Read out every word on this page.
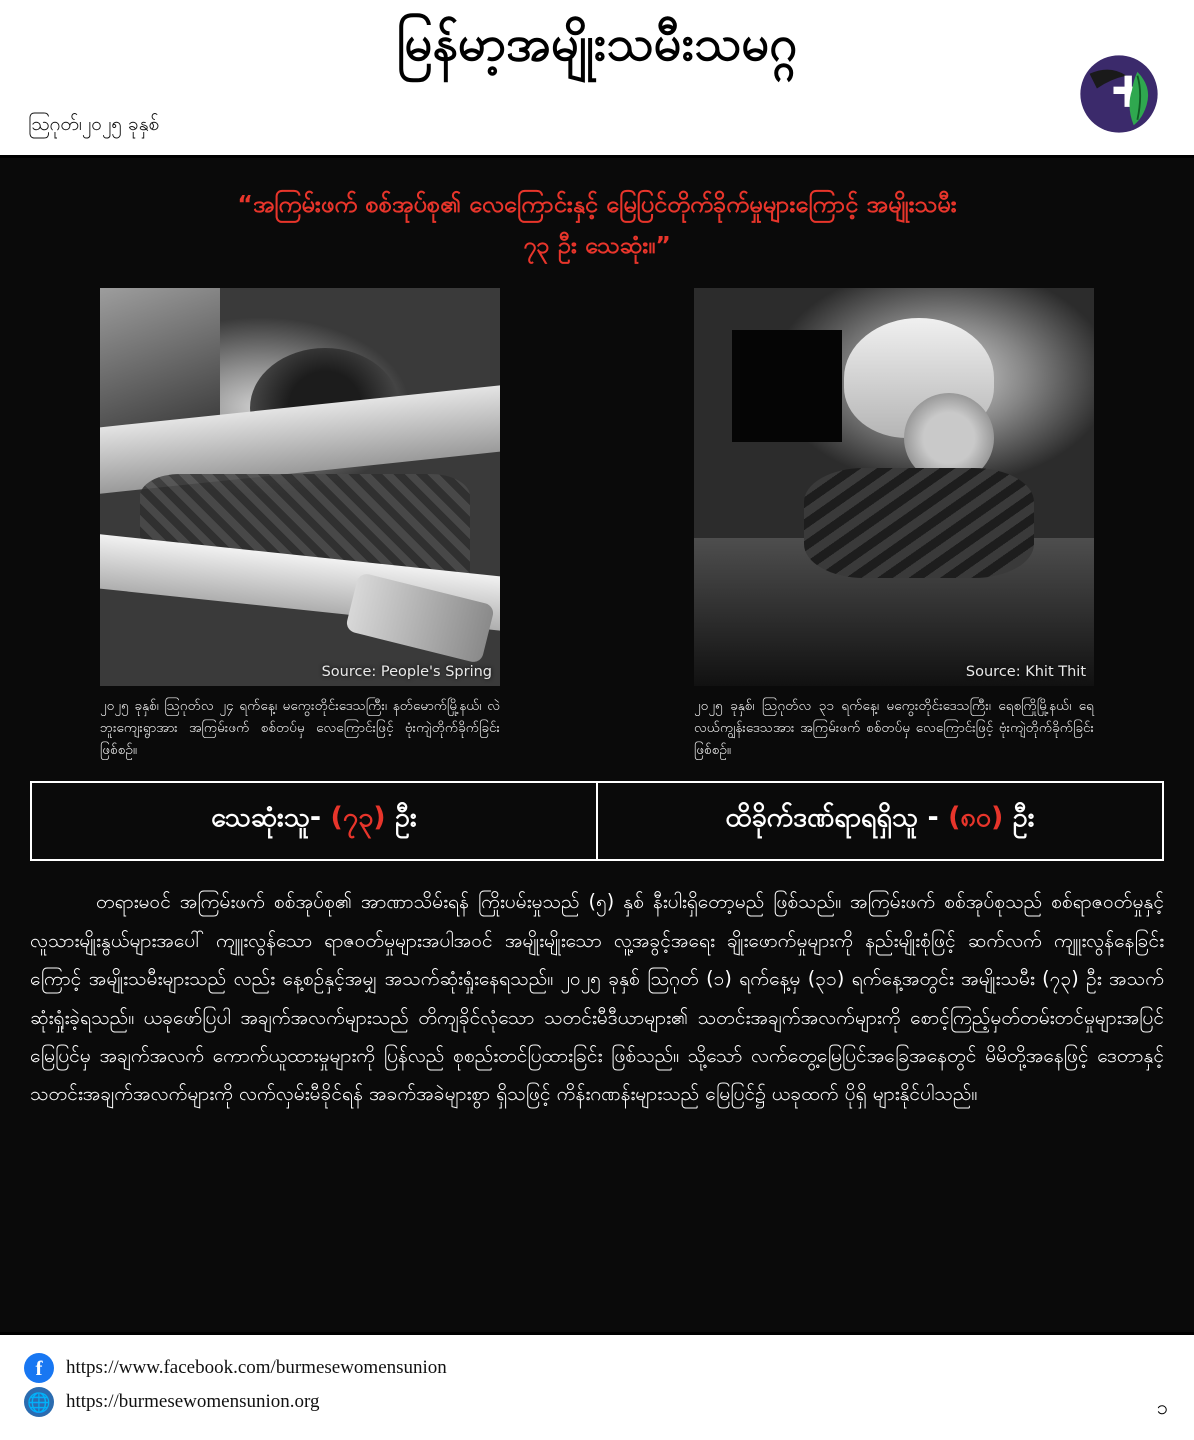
မြန်မာ့အမျိုးသမီးသမဂ္ဂ
သြဂုတ်၊၂၀၂၅ ခုနှစ်
“အကြမ်းဖက် စစ်အုပ်စု၏ လေကြောင်းနှင့် မြေပြင်တိုက်ခိုက်မှုများကြောင့် အမျိုးသမီး
၇၃ ဦး သေဆုံး။”
Source: People's Spring
၂၀၂၅ ခုနှစ်၊ သြဂုတ်လ ၂၄ ရက်နေ့၊ မကွေးတိုင်းဒေသကြီး၊ နတ်မောက်မြို့နယ်၊ လဲဘူးကျေးရွာအား အကြမ်းဖက် စစ်တပ်မှ လေကြောင်းဖြင့် ဗုံးကျဲတိုက်ခိုက်ခြင်း ဖြစ်စဉ်။
Source: Khit Thit
၂၀၂၅ ခုနှစ်၊ သြဂုတ်လ ၃၁ ရက်နေ့၊ မကွေးတိုင်းဒေသကြီး၊ ရေစကြိုမြို့နယ်၊ ရေလယ်ကျွန်းဒေသအား အကြမ်းဖက် စစ်တပ်မှ လေကြောင်းဖြင့် ဗုံးကျဲတိုက်ခိုက်ခြင်း ဖြစ်စဉ်။
သေဆုံးသူ- (၇၃) ဦး	ထိခိုက်ဒဏ်ရာရရှိသူ - (၈၀) ဦး

တရားမဝင် အကြမ်းဖက် စစ်အုပ်စု၏ အာဏာသိမ်းရန် ကြိုးပမ်းမှုသည် (၅) နှစ် နီးပါးရှိတော့မည် ဖြစ်သည်။ အကြမ်းဖက် စစ်အုပ်စုသည် စစ်ရာဇဝတ်မှုနှင့် လူသားမျိုးနွယ်များအပေါ် ကျူးလွန်သော ရာဇဝတ်မှုများအပါအဝင် အမျိုးမျိုးသော လူ့အခွင့်အရေး ချိုးဖောက်မှုများကို နည်းမျိုးစုံဖြင့် ဆက်လက် ကျူးလွန်နေခြင်းကြောင့် အမျိုးသမီးများသည် လည်း နေ့စဉ်နှင့်အမျှ အသက်ဆုံးရှုံးနေရသည်။ ၂၀၂၅ ခုနှစ် သြဂုတ် (၁) ရက်နေ့မှ (၃၁) ရက်နေ့အတွင်း အမျိုးသမီး (၇၃) ဦး အသက်ဆုံးရှုံးခဲ့ရသည်။ ယခုဖော်ပြပါ အချက်အလက်များသည် တိကျခိုင်လုံသော သတင်းမီဒီယာများ၏ သတင်းအချက်အလက်များကို စောင့်ကြည့်မှတ်တမ်းတင်မှုများအပြင် မြေပြင်မှ အချက်အလက် ကောက်ယူထားမှုများကို ပြန်လည် စုစည်းတင်ပြထားခြင်း ဖြစ်သည်။ သို့သော် လက်တွေ့မြေပြင်အခြေအနေတွင် မိမိတို့အနေဖြင့် ဒေတာနှင့် သတင်းအချက်အလက်များကို လက်လှမ်းမီခိုင်ရန် အခက်အခဲများစွာ ရှိသဖြင့် ကိန်းဂဏန်းများသည် မြေပြင်၌ ယခုထက် ပိုရှိ များနိုင်ပါသည်။

f	https://www.facebook.com/burmesewomensunion
🌐 https://burmesewomensunion.org	၁
